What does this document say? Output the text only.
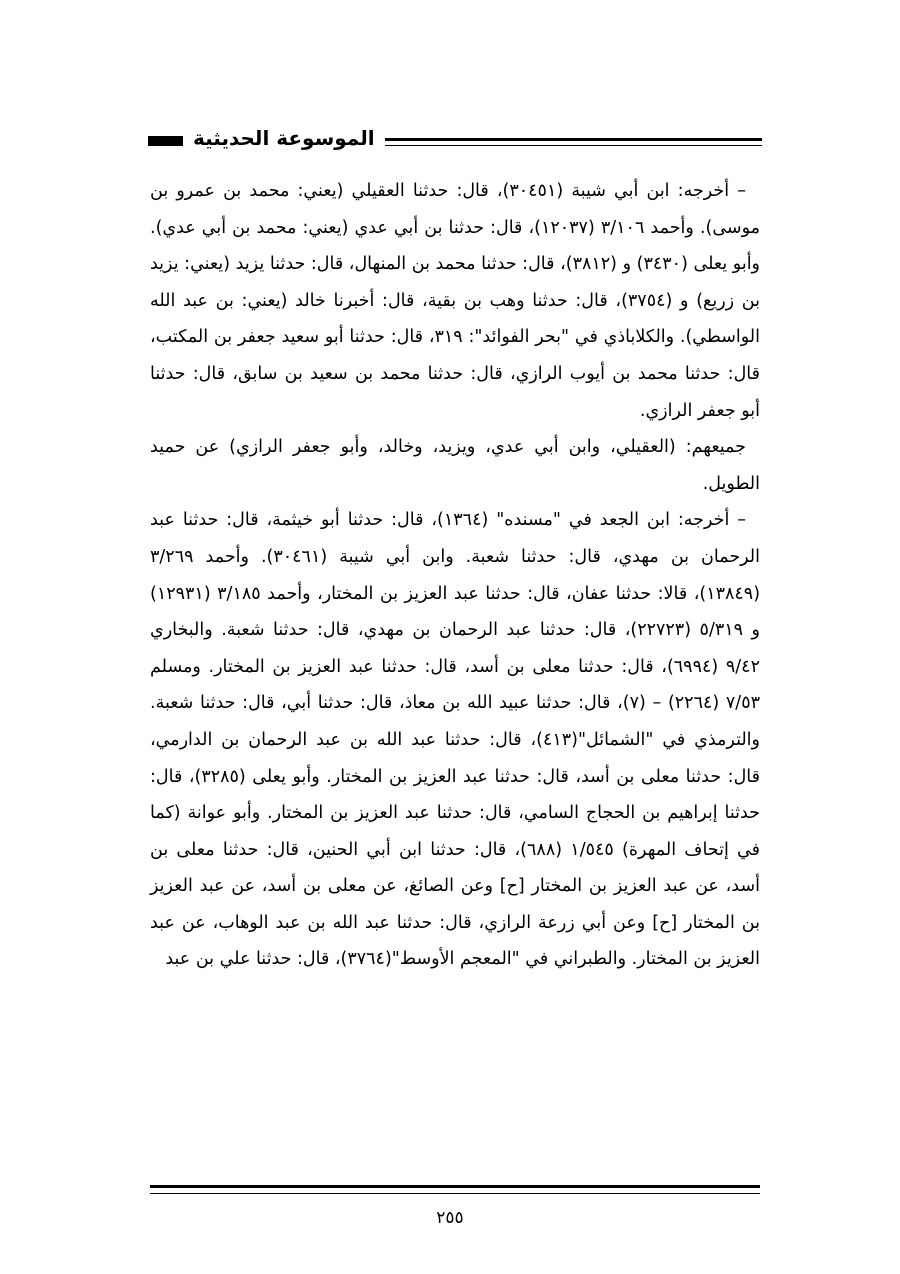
الموسوعة الحديثية

– أخرجه: ابن أبي شيبة (٣٠٤٥١)، قال: حدثنا العقيلي (يعني: محمد بن عمرو بن موسى). وأحمد ٣/١٠٦ (١٢٠٣٧)، قال: حدثنا بن أبي عدي (يعني: محمد بن أبي عدي). وأبو يعلى (٣٤٣٠) و (٣٨١٢)، قال: حدثنا محمد بن المنهال، قال: حدثنا يزيد (يعني: يزيد بن زريع) و (٣٧٥٤)، قال: حدثنا وهب بن بقية، قال: أخبرنا خالد (يعني: بن عبد الله الواسطي). والكلاباذي في "بحر الفوائد": ٣١٩، قال: حدثنا أبو سعيد جعفر بن المكتب، قال: حدثنا محمد بن أيوب الرازي، قال: حدثنا محمد بن سعيد بن سابق، قال: حدثنا أبو جعفر الرازي.

جميعهم: (العقيلي، وابن أبي عدي، ويزيد، وخالد، وأبو جعفر الرازي) عن حميد الطويل.

– أخرجه: ابن الجعد في "مسنده" (١٣٦٤)، قال: حدثنا أبو خيثمة، قال: حدثنا عبد الرحمان بن مهدي، قال: حدثنا شعبة. وابن أبي شيبة (٣٠٤٦١). وأحمد ٣/٢٦٩ (١٣٨٤٩)، قالا: حدثنا عفان، قال: حدثنا عبد العزيز بن المختار، وأحمد ٣/١٨٥ (١٢٩٣١) و ٥/٣١٩ (٢٢٧٢٣)، قال: حدثنا عبد الرحمان بن مهدي، قال: حدثنا شعبة. والبخاري ٩/٤٢ (٦٩٩٤)، قال: حدثنا معلى بن أسد، قال: حدثنا عبد العزيز بن المختار. ومسلم ٧/٥٣ (٢٢٦٤) – (٧)، قال: حدثنا عبيد الله بن معاذ، قال: حدثنا أبي، قال: حدثنا شعبة. والترمذي في "الشمائل"(٤١٣)، قال: حدثنا عبد الله بن عبد الرحمان بن الدارمي، قال: حدثنا معلى بن أسد، قال: حدثنا عبد العزيز بن المختار. وأبو يعلى (٣٢٨٥)، قال: حدثنا إبراهيم بن الحجاج السامي، قال: حدثنا عبد العزيز بن المختار. وأبو عوانة (كما في إتحاف المهرة) ١/٥٤٥ (٦٨٨)، قال: حدثنا ابن أبي الحنين، قال: حدثنا معلى بن أسد، عن عبد العزيز بن المختار [ح] وعن الصائغ، عن معلى بن أسد، عن عبد العزيز بن المختار [ح] وعن أبي زرعة الرازي، قال: حدثنا عبد الله بن عبد الوهاب، عن عبد العزيز بن المختار. والطبراني في "المعجم الأوسط"(٣٧٦٤)، قال: حدثنا علي بن عبد

٢٥٥
